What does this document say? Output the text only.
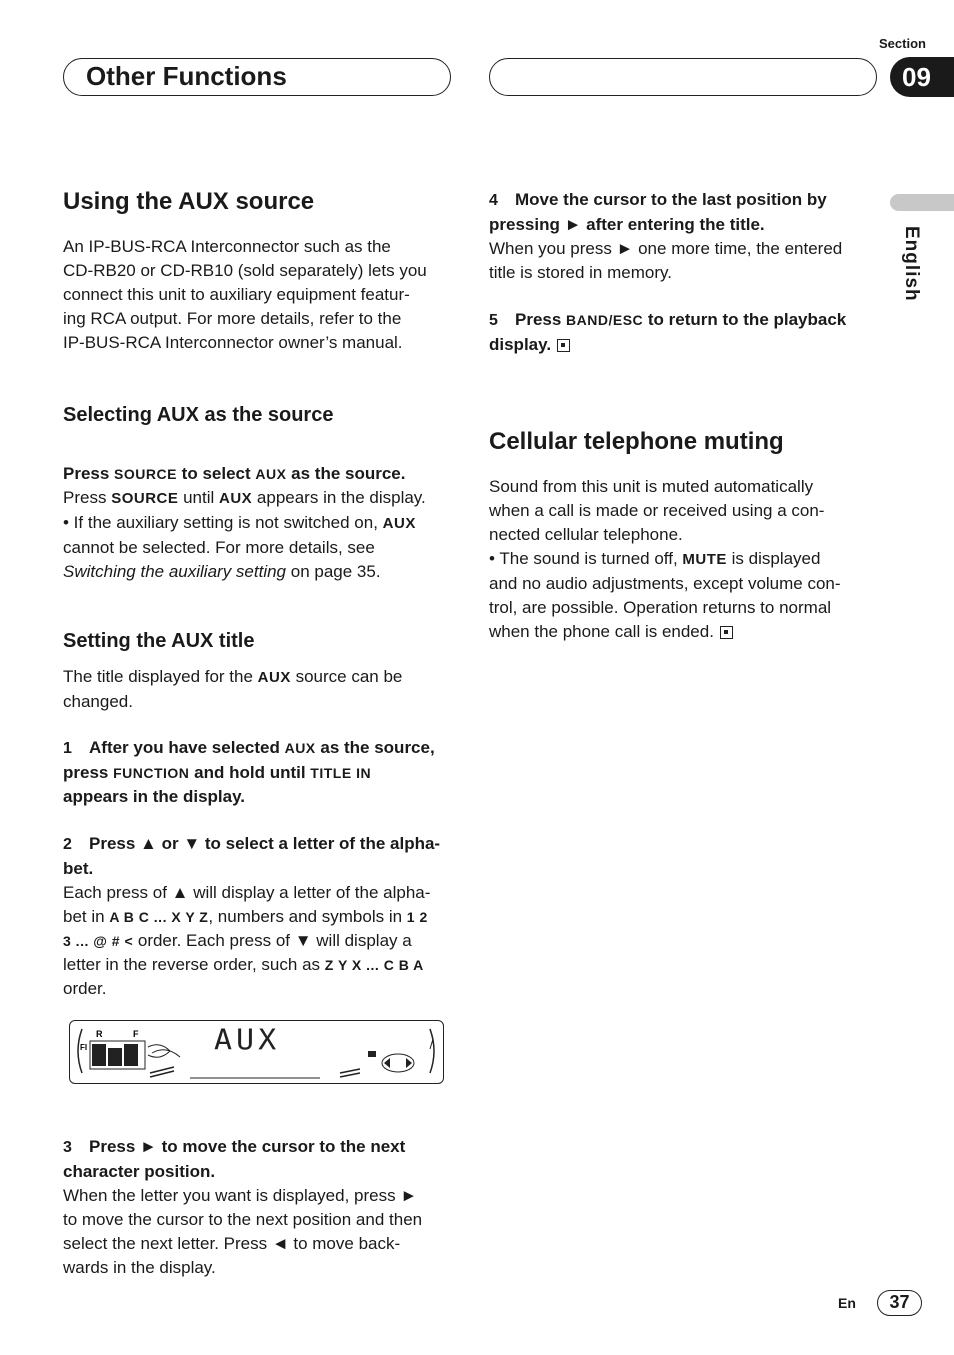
Section
Other Functions	09
English
Using the AUX source

An IP-BUS-RCA Interconnector such as the

CD-RB20 or CD-RB10 (sold separately) lets you

connect this unit to auxiliary equipment featur-

ing RCA output. For more details, refer to the

IP-BUS-RCA Interconnector owner’s manual.

Selecting AUX as the source

Press SOURCE to select AUX as the source.

Press SOURCE until AUX appears in the display.

• If the auxiliary setting is not switched on, AUX

cannot be selected. For more details, see

Switching the auxiliary setting on page 35.

Setting the AUX title

The title displayed for the AUX source can be

changed.

1 After you have selected AUX as the source,

press FUNCTION and hold until TITLE IN

appears in the display.

2 Press ▲ or ▼ to select a letter of the alpha-

bet.

Each press of ▲ will display a letter of the alpha-

bet in A B C ... X Y Z, numbers and symbols in 1 2

3 ... @ # < order. Each press of ▼ will display a

letter in the reverse order, such as Z Y X ... C B A

order.

R	F
FI	AUX

3 Press ► to move the cursor to the next

character position.

When the letter you want is displayed, press ►

to move the cursor to the next position and then

select the next letter. Press ◄ to move back-

wards in the display.

4 Move the cursor to the last position by

pressing ► after entering the title.

When you press ► one more time, the entered

title is stored in memory.

5 Press BAND/ESC to return to the playback

display.

Cellular telephone muting

Sound from this unit is muted automatically

when a call is made or received using a con-

nected cellular telephone.

• The sound is turned off, MUTE is displayed

and no audio adjustments, except volume con-

trol, are possible. Operation returns to normal

when the phone call is ended.

En	37
